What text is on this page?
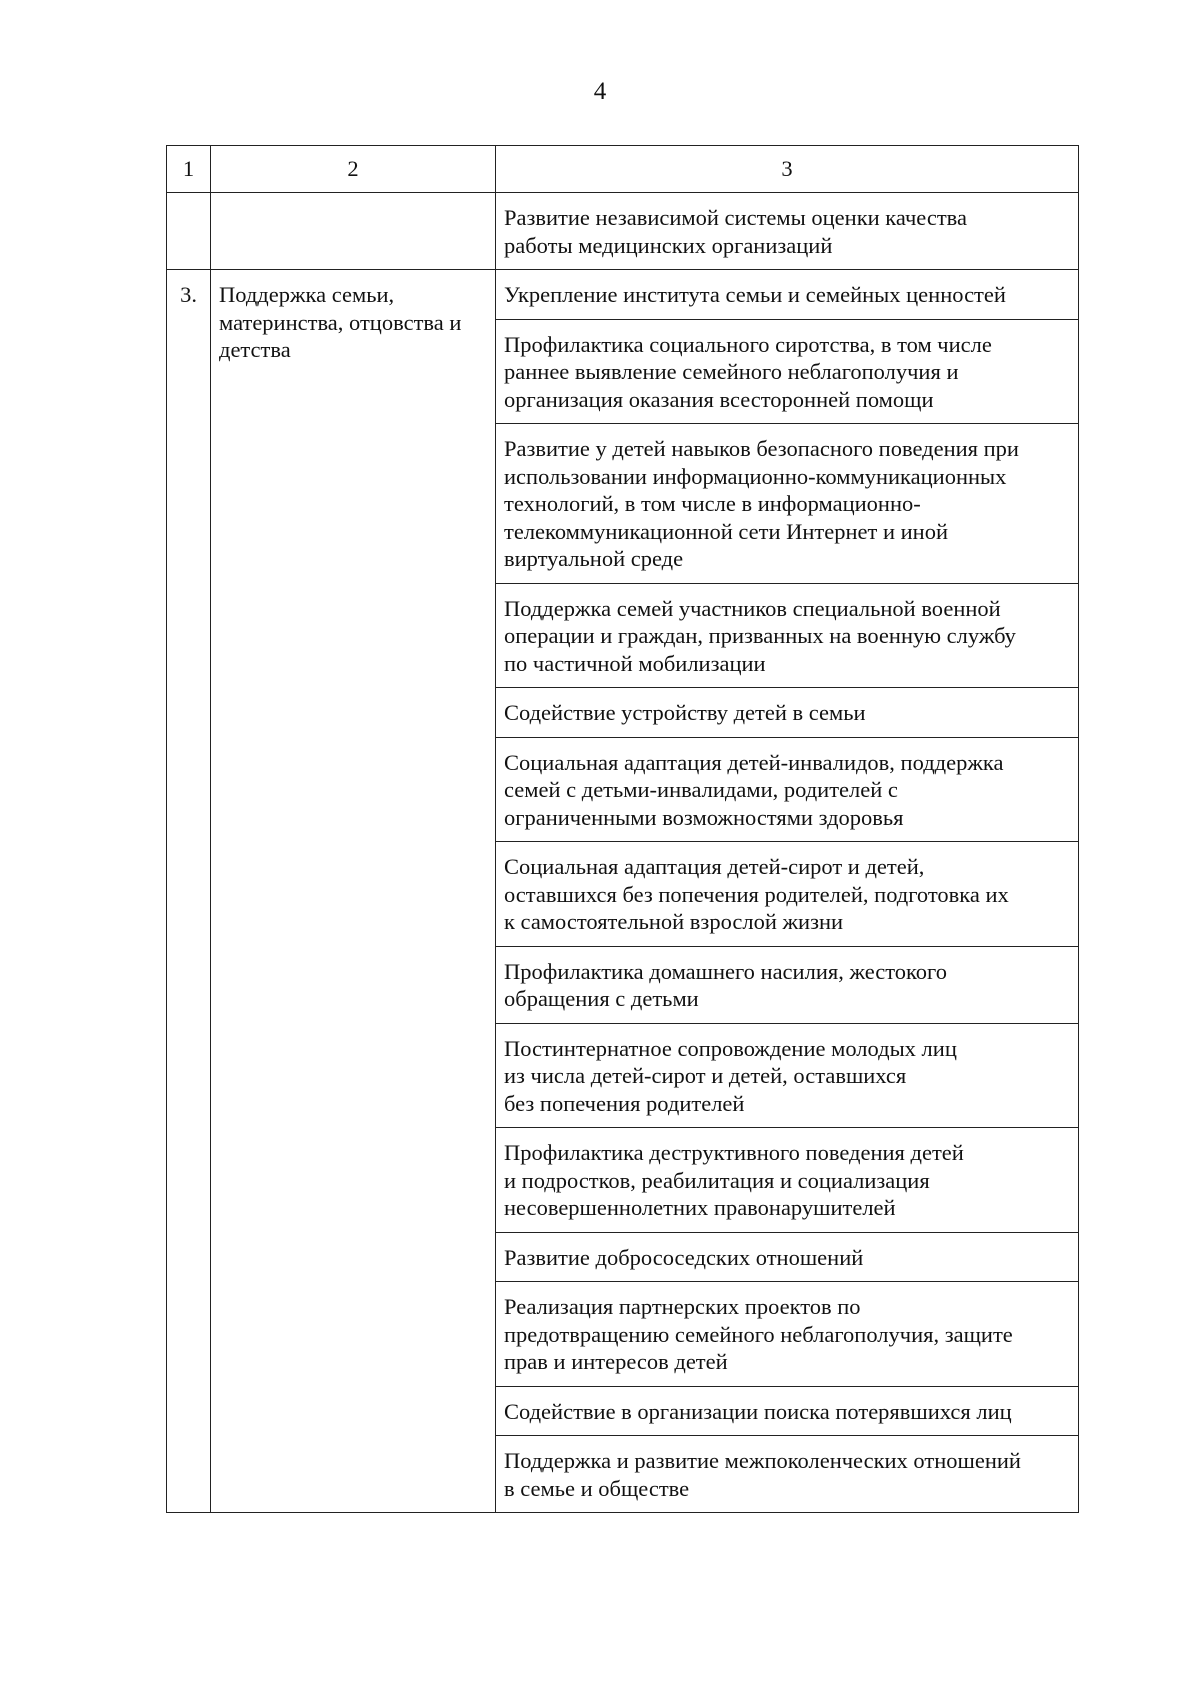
4
1	2	3

		Развитие независимой системы оценки качества
работы медицинских организаций

3.	Поддержка семьи,
материнства, отцовства и
детства	Укрепление института семьи и семейных ценностей

		Профилактика социального сиротства, в том числе
раннее выявление семейного неблагополучия и
организация оказания всесторонней помощи

		Развитие у детей навыков безопасного поведения при
использовании информационно-коммуникационных
технологий, в том числе в информационно-
телекоммуникационной сети Интернет и иной
виртуальной среде

		Поддержка семей участников специальной военной
операции и граждан, призванных на военную службу
по частичной мобилизации

		Содействие устройству детей в семьи

		Социальная адаптация детей-инвалидов, поддержка
семей с детьми-инвалидами, родителей с
ограниченными возможностями здоровья

		Социальная адаптация детей-сирот и детей,
оставшихся без попечения родителей, подготовка их
к самостоятельной взрослой жизни

		Профилактика домашнего насилия, жестокого
обращения с детьми

		Постинтернатное сопровождение молодых лиц
из числа детей-сирот и детей, оставшихся
без попечения родителей

		Профилактика деструктивного поведения детей
и подростков, реабилитация и социализация
несовершеннолетних правонарушителей

		Развитие добрососедских отношений

		Реализация партнерских проектов по
предотвращению семейного неблагополучия, защите
прав и интересов детей

		Содействие в организации поиска потерявшихся лиц

		Поддержка и развитие межпоколенческих отношений
в семье и обществе
